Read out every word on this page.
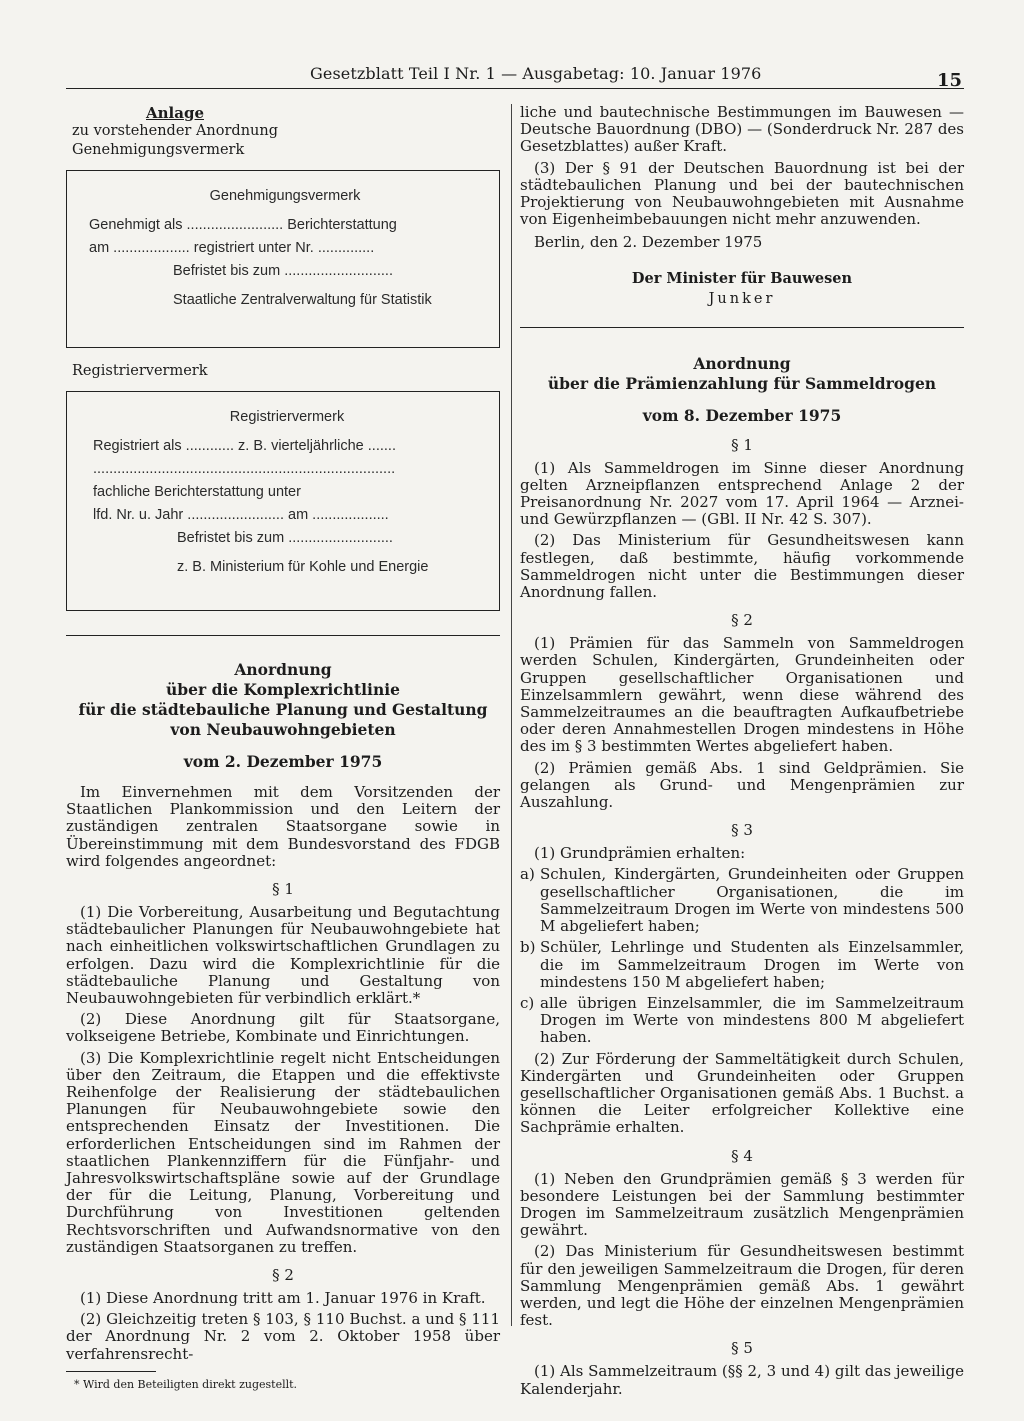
Gesetzblatt Teil I Nr. 1 — Ausgabetag: 10. Januar 1976	15
Anlage
zu vorstehender Anordnung
Genehmigungsvermerk
Genehmigungsvermerk
Genehmigt als ........................ Berichterstattung
am ................... registriert unter Nr. ..............
Befristet bis zum ...........................
Staatliche Zentralverwaltung für Statistik
Registriervermerk
Registriervermerk
Registriert als ............ z. B. vierteljährliche .......
...........................................................................
fachliche Berichterstattung unter
lfd. Nr. u. Jahr ........................ am ...................
Befristet bis zum ..........................
z. B. Ministerium für Kohle und Energie
Anordnung
über die Komplexrichtlinie
für die städtebauliche Planung und Gestaltung
von Neubauwohngebieten
vom 2. Dezember 1975

Im Einvernehmen mit dem Vorsitzenden der Staatlichen Plankommission und den Leitern der zuständigen zentralen Staatsorgane sowie in Übereinstimmung mit dem Bundesvorstand des FDGB wird folgendes angeordnet:

§ 1

(1) Die Vorbereitung, Ausarbeitung und Begutachtung städtebaulicher Planungen für Neubauwohngebiete hat nach einheitlichen volkswirtschaftlichen Grundlagen zu erfolgen. Dazu wird die Komplexrichtlinie für die städtebauliche Planung und Gestaltung von Neubauwohngebieten für verbindlich erklärt.*

(2) Diese Anordnung gilt für Staatsorgane, volkseigene Betriebe, Kombinate und Einrichtungen.

(3) Die Komplexrichtlinie regelt nicht Entscheidungen über den Zeitraum, die Etappen und die effektivste Reihenfolge der Realisierung der städtebaulichen Planungen für Neubauwohngebiete sowie den entsprechenden Einsatz der Investitionen. Die erforderlichen Entscheidungen sind im Rahmen der staatlichen Plankennziffern für die Fünfjahr- und Jahresvolkswirtschaftspläne sowie auf der Grundlage der für die Leitung, Planung, Vorbereitung und Durchführung von Investitionen geltenden Rechtsvorschriften und Aufwandsnormative von den zuständigen Staatsorganen zu treffen.

§ 2

(1) Diese Anordnung tritt am 1. Januar 1976 in Kraft.

(2) Gleichzeitig treten § 103, § 110 Buchst. a und § 111 der Anordnung Nr. 2 vom 2. Oktober 1958 über verfahrensrecht-

* Wird den Beteiligten direkt zugestellt.

liche und bautechnische Bestimmungen im Bauwesen — Deutsche Bauordnung (DBO) — (Sonderdruck Nr. 287 des Gesetzblattes) außer Kraft.

(3) Der § 91 der Deutschen Bauordnung ist bei der städtebaulichen Planung und bei der bautechnischen Projektierung von Neubauwohngebieten mit Ausnahme von Eigenheimbebauungen nicht mehr anzuwenden.

Berlin, den 2. Dezember 1975

Der Minister für Bauwesen
Junker
Anordnung
über die Prämienzahlung für Sammeldrogen
vom 8. Dezember 1975
§ 1

(1) Als Sammeldrogen im Sinne dieser Anordnung gelten Arzneipflanzen entsprechend Anlage 2 der Preisanordnung Nr. 2027 vom 17. April 1964 — Arznei- und Gewürzpflanzen — (GBl. II Nr. 42 S. 307).

(2) Das Ministerium für Gesundheitswesen kann festlegen, daß bestimmte, häufig vorkommende Sammeldrogen nicht unter die Bestimmungen dieser Anordnung fallen.

§ 2

(1) Prämien für das Sammeln von Sammeldrogen werden Schulen, Kindergärten, Grundeinheiten oder Gruppen gesellschaftlicher Organisationen und Einzelsammlern gewährt, wenn diese während des Sammelzeitraumes an die beauftragten Aufkaufbetriebe oder deren Annahmestellen Drogen mindestens in Höhe des im § 3 bestimmten Wertes abgeliefert haben.

(2) Prämien gemäß Abs. 1 sind Geldprämien. Sie gelangen als Grund- und Mengenprämien zur Auszahlung.

§ 3

(1) Grundprämien erhalten:

a) Schulen, Kindergärten, Grundeinheiten oder Gruppen gesellschaftlicher Organisationen, die im Sammelzeitraum Drogen im Werte von mindestens 500 M abgeliefert haben;
b) Schüler, Lehrlinge und Studenten als Einzelsammler, die im Sammelzeitraum Drogen im Werte von mindestens 150 M abgeliefert haben;
c) alle übrigen Einzelsammler, die im Sammelzeitraum Drogen im Werte von mindestens 800 M abgeliefert haben.

(2) Zur Förderung der Sammeltätigkeit durch Schulen, Kindergärten und Grundeinheiten oder Gruppen gesellschaftlicher Organisationen gemäß Abs. 1 Buchst. a können die Leiter erfolgreicher Kollektive eine Sachprämie erhalten.

§ 4

(1) Neben den Grundprämien gemäß § 3 werden für besondere Leistungen bei der Sammlung bestimmter Drogen im Sammelzeitraum zusätzlich Mengenprämien gewährt.

(2) Das Ministerium für Gesundheitswesen bestimmt für den jeweiligen Sammelzeitraum die Drogen, für deren Sammlung Mengenprämien gemäß Abs. 1 gewährt werden, und legt die Höhe der einzelnen Mengenprämien fest.

§ 5

(1) Als Sammelzeitraum (§§ 2, 3 und 4) gilt das jeweilige Kalenderjahr.
